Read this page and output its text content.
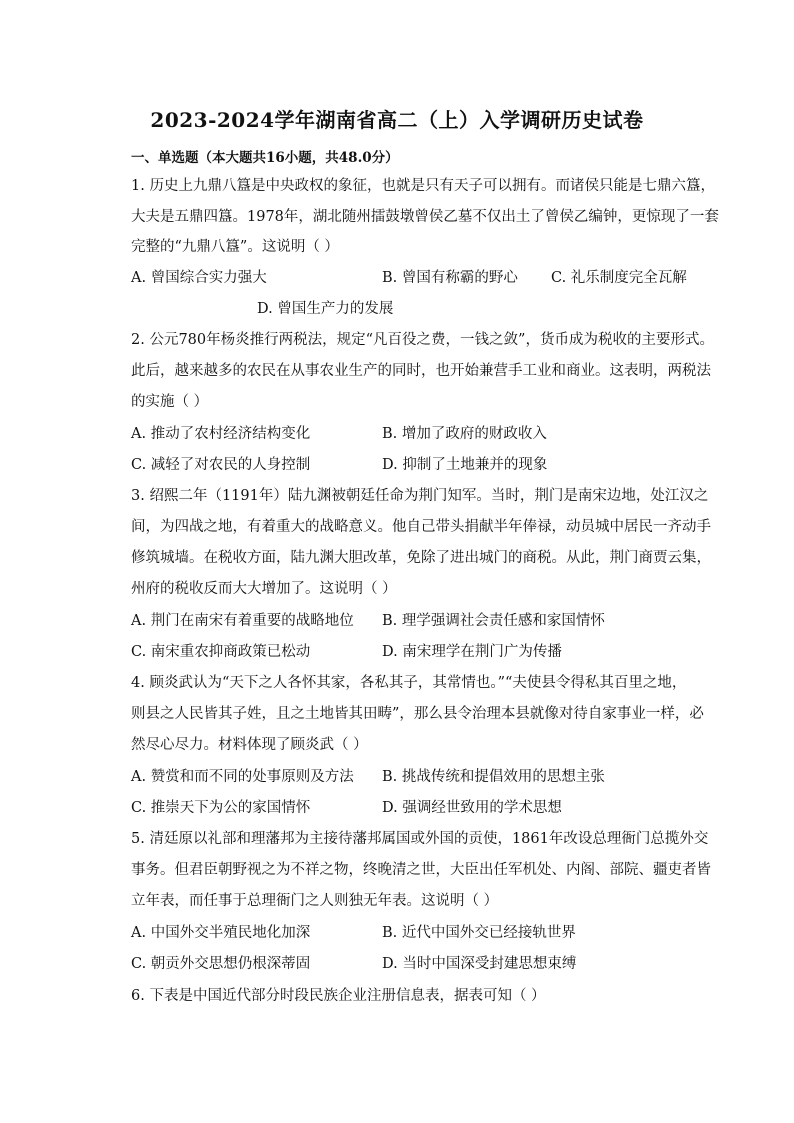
2023-2024学年湖南省高二（上）入学调研历史试卷
一、单选题（本大题共16小题，共48.0分）
1. 历史上九鼎八簋是中央政权的象征，也就是只有天子可以拥有。而诸侯只能是七鼎六簋，
大夫是五鼎四簋。1978年，湖北随州擂鼓墩曾侯乙墓不仅出土了曾侯乙编钟，更惊现了一套
完整的“九鼎八簋”。这说明（ ）
A. 曾国综合实力强大	B. 曾国有称霸的野心 C. 礼乐制度完全瓦解
D. 曾国生产力的发展
2. 公元780年杨炎推行两税法，规定“凡百役之费，一钱之敛”，货币成为税收的主要形式。
此后，越来越多的农民在从事农业生产的同时，也开始兼营手工业和商业。这表明，两税法
的实施（ ）
A. 推动了农村经济结构变化	B. 增加了政府的财政收入
C. 减轻了对农民的人身控制	D. 抑制了土地兼并的现象
3. 绍熙二年（1191年）陆九渊被朝廷任命为荆门知军。当时，荆门是南宋边地，处江汉之
间，为四战之地，有着重大的战略意义。他自己带头捐献半年俸禄，动员城中居民一齐动手
修筑城墙。在税收方面，陆九渊大胆改革，免除了进出城门的商税。从此，荆门商贾云集，
州府的税收反而大大增加了。这说明（ ）
A. 荆门在南宋有着重要的战略地位 B. 理学强调社会责任感和家国情怀
C. 南宋重农抑商政策已松动	D. 南宋理学在荆门广为传播
4. 顾炎武认为“天下之人各怀其家，各私其子，其常情也。”“夫使县令得私其百里之地，
则县之人民皆其子姓，且之土地皆其田畴”，那么县令治理本县就像对待自家事业一样，必
然尽心尽力。材料体现了顾炎武（ ）
A. 赞赏和而不同的处事原则及方法 B. 挑战传统和提倡效用的思想主张
C. 推崇天下为公的家国情怀	D. 强调经世致用的学术思想
5. 清廷原以礼部和理藩邦为主接待藩邦属国或外国的贡使，1861年改设总理衙门总揽外交
事务。但君臣朝野视之为不祥之物，终晚清之世，大臣出任军机处、内阁、部院、疆吏者皆
立年表，而任事于总理衙门之人则独无年表。这说明（ ）
A. 中国外交半殖民地化加深	B. 近代中国外交已经接轨世界
C. 朝贡外交思想仍根深蒂固	D. 当时中国深受封建思想束缚
6. 下表是中国近代部分时段民族企业注册信息表，据表可知（ ）
